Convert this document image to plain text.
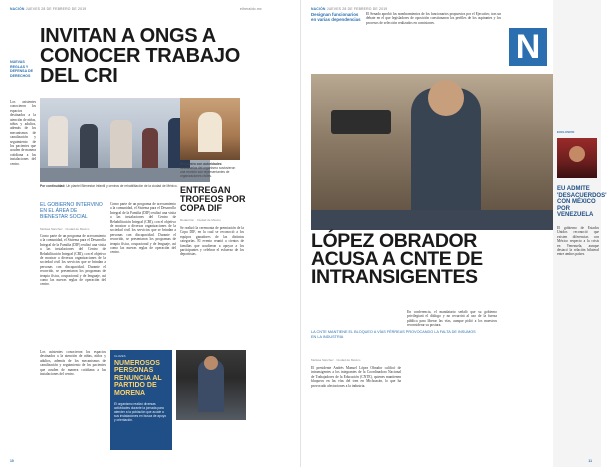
NACIÓN JUEVES 28 DE FEBRERO DE 2019	elheraldo.mx
NUEVAS REGLAS Y DEFENSA DE DERECHOS
INVITAN A ONGS A CONOCER TRABAJO DEL CRI
Los asistentes conocieron los espacios destinados a la atención de niñas, niños y adultos, además de los mecanismos de canalización y seguimiento de los pacientes que acuden de manera cotidiana a las instalaciones del centro.
Por continuidad: Un plantel Bienestar Infantil y centros de rehabilitación de la ciudad de México.
EL GOBIERNO INTERVINO EN EL ÁREA DE BIENESTAR SOCIAL
Melissa Sánchez · Ciudad de México
Como parte de un programa de acercamiento a la comunidad, el Sistema para el Desarrollo Integral de la Familia (DIF) realizó una visita a las instalaciones del Centro de Rehabilitación Integral (CRI), con el objetivo de mostrar a diversas organizaciones de la sociedad civil los servicios que se brindan a personas con discapacidad. Durante el recorrido, se presentaron los programas de terapia física, ocupacional y de lenguaje, así como las nuevas reglas de operación del centro.
Como parte de un programa de acercamiento a la comunidad, el Sistema para el Desarrollo Integral de la Familia (DIF) realizó una visita a las instalaciones del Centro de Rehabilitación Integral (CRI), con el objetivo de mostrar a diversas organizaciones de la sociedad civil los servicios que se brindan a personas con discapacidad. Durante el recorrido, se presentaron los programas de terapia física, ocupacional y de lenguaje, así como las nuevas reglas de operación del centro.
Encuentro con autoridades: funcionarios del organismo sostuvieron una reunión con representantes de organizaciones civiles.
ENTREGAN TROFEOS POR COPA DIF
Redacción · Ciudad de México
Se realizó la ceremonia de premiación de la Copa DIF, en la cual se reconoció a los equipos ganadores de las distintas categorías. El evento reunió a cientos de familias que acudieron a apoyar a los participantes y celebrar el esfuerzo de los deportistas.
CLAVES
NUMEROSOS PERSONAS RENUNCIA AL PARTIDO DE MORENA
El organismo realizó diversas actividades durante la jornada para atender a la población que acude a sus instalaciones en busca de apoyo y orientación.
Los asistentes conocieron los espacios destinados a la atención de niñas, niños y adultos, además de los mecanismos de canalización y seguimiento de los pacientes que acuden de manera cotidiana a las instalaciones del centro.
10
NACIÓN JUEVES 28 DE FEBRERO DE 2019
Designan funcionarios en varias dependencias
El Senado aprobó los nombramientos de los funcionarios propuestos por el Ejecutivo, tras un debate en el que legisladores de oposición cuestionaron los perfiles de los aspirantes y los procesos de selección realizados en comisiones.
N
LÓPEZ OBRADOR ACUSA A CNTE DE INTRANSIGENTES
LA CNTE MANTIENE EL BLOQUEO A VÍAS FÉRREAS PROVOCANDO LA FALTA DE INSUMOS EN LA INDUSTRIA
Melissa Sánchez · Ciudad de México
El presidente Andrés Manuel López Obrador calificó de intransigentes a los integrantes de la Coordinadora Nacional de Trabajadores de la Educación (CNTE), quienes mantienen bloqueos en las vías del tren en Michoacán, lo que ha provocado afectaciones a la industria.
En conferencia, el mandatario señaló que su gobierno privilegiará el diálogo y no recurrirá al uso de la fuerza pública para liberar las vías, aunque pidió a los maestros reconsiderar su postura.
EXCLUSIVO
EU ADMITE 'DESACUERDOS' CON MÉXICO POR VENEZUELA
El gobierno de Estados Unidos reconoció que existen diferencias con México respecto a la crisis en Venezuela, aunque destacó la relación bilateral entre ambos países.
11
